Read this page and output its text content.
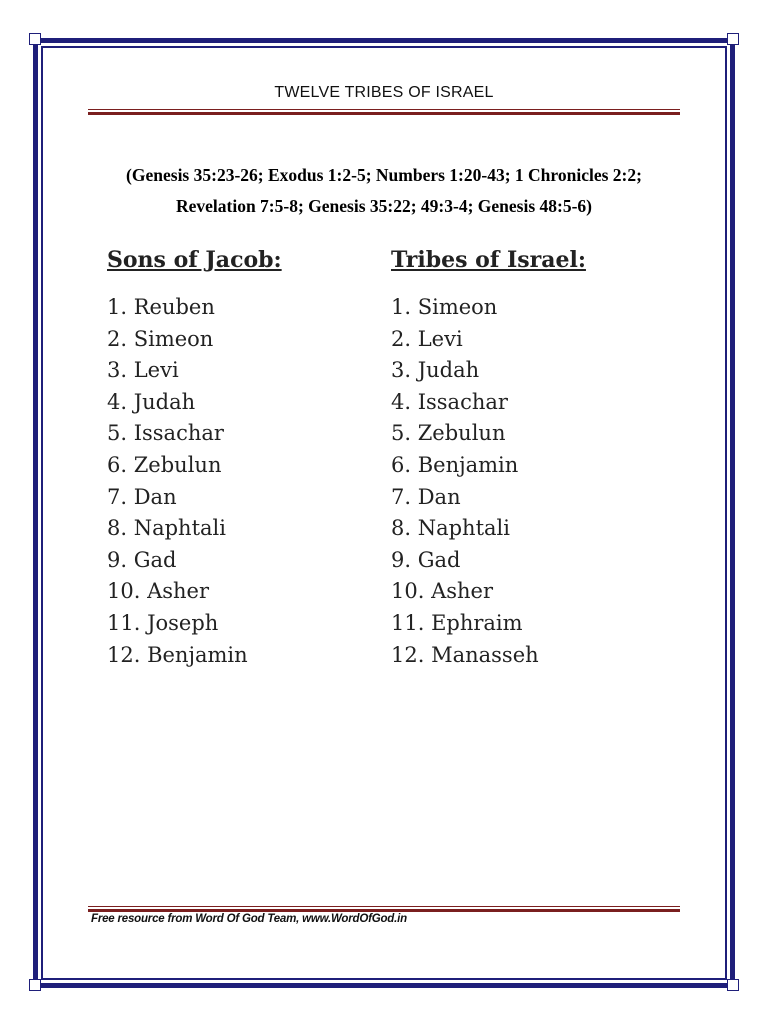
TWELVE TRIBES OF ISRAEL
(Genesis 35:23-26; Exodus 1:2-5; Numbers 1:20-43; 1 Chronicles 2:2;
Revelation 7:5-8; Genesis 35:22; 49:3-4; Genesis 48:5-6)
Sons of Jacob:
1. Reuben
2. Simeon
3. Levi
4. Judah
5. Issachar
6. Zebulun
7. Dan
8. Naphtali
9. Gad
10. Asher
11. Joseph
12. Benjamin
Tribes of Israel:
1. Simeon
2. Levi
3. Judah
4. Issachar
5. Zebulun
6. Benjamin
7. Dan
8. Naphtali
9. Gad
10. Asher
11. Ephraim
12. Manasseh
Free resource from Word Of God Team, www.WordOfGod.in
